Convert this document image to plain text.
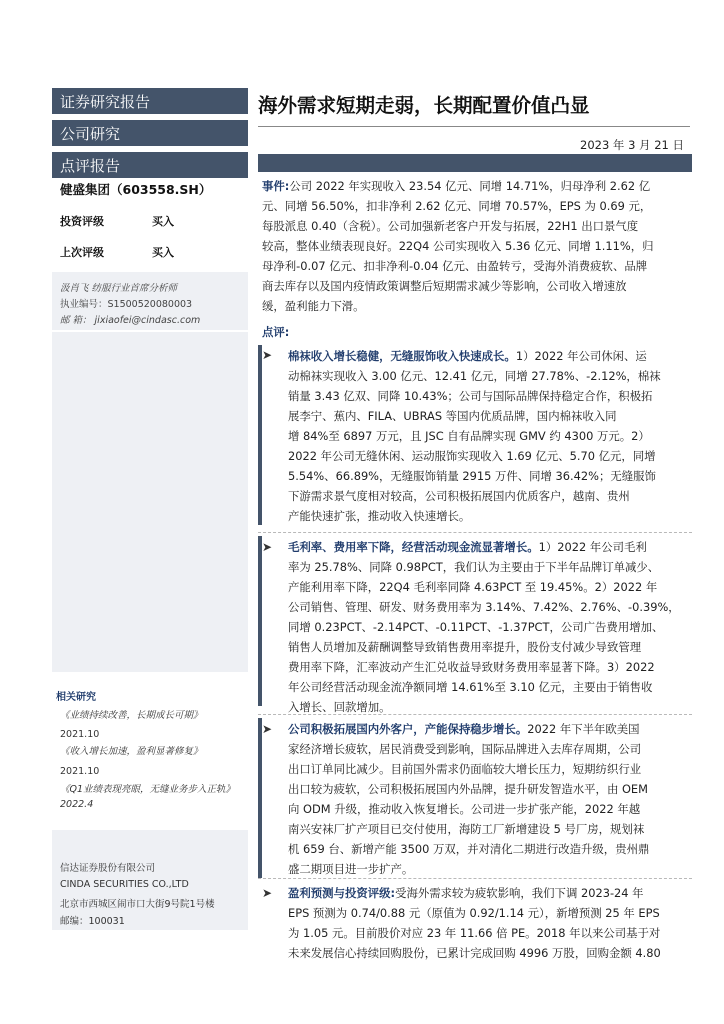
证券研究报告
公司研究
点评报告
健盛集团（603558.SH）
投资评级	买入
上次评级	买入
汲肖飞 纺服行业首席分析师
执业编号：S1500520080003
邮 箱： jixiaofei@cindasc.com
相关研究
《业绩持续改善，长期成长可期》
2021.10
《收入增长加速，盈利显著修复》
2021.10
《Q1业绩表现亮眼，无缝业务步入正轨》2022.4
信达证券股份有限公司
CINDA SECURITIES CO.,LTD
北京市西城区闹市口大街9号院1号楼
邮编：100031
海外需求短期走弱，长期配置价值凸显
2023 年 3 月 21 日
事件:公司 2022 年实现收入 23.54 亿元、同增 14.71%，归母净利 2.62 亿
元、同增 56.50%，扣非净利 2.62 亿元、同增 70.57%，EPS 为 0.69 元，
每股派息 0.40（含税）。公司加强新老客户开发与拓展，22H1 出口景气度
较高，整体业绩表现良好。22Q4 公司实现收入 5.36 亿元、同增 1.11%，归
母净利-0.07 亿元、扣非净利-0.04 亿元、由盈转亏，受海外消费疲软、品牌
商去库存以及国内疫情政策调整后短期需求减少等影响，公司收入增速放
缓，盈利能力下滑。
点评:
➤ 棉袜收入增长稳健，无缝服饰收入快速成长。1）2022 年公司休闲、运
动棉袜实现收入 3.00 亿元、12.41 亿元，同增 27.78%、-2.12%，棉袜
销量 3.43 亿双、同降 10.43%；公司与国际品牌保持稳定合作，积极拓
展李宁、蕉内、FILA、UBRAS 等国内优质品牌，国内棉袜收入同
增 84%至 6897 万元，且 JSC 自有品牌实现 GMV 约 4300 万元。2）
2022 年公司无缝休闲、运动服饰实现收入 1.69 亿元、5.70 亿元，同增
5.54%、66.89%，无缝服饰销量 2915 万件、同增 36.42%；无缝服饰
下游需求景气度相对较高，公司积极拓展国内优质客户，越南、贵州
产能快速扩张，推动收入快速增长。
➤ 毛利率、费用率下降，经营活动现金流显著增长。1）2022 年公司毛利
率为 25.78%、同降 0.98PCT，我们认为主要由于下半年品牌订单减少、
产能利用率下降，22Q4 毛利率同降 4.63PCT 至 19.45%。2）2022 年
公司销售、管理、研发、财务费用率为 3.14%、7.42%、2.76%、-0.39%，
同增 0.23PCT、-2.14PCT、-0.11PCT、-1.37PCT，公司广告费用增加、
销售人员增加及薪酬调整导致销售费用率提升，股份支付减少导致管理
费用率下降，汇率波动产生汇兑收益导致财务费用率显著下降。3）2022
年公司经营活动现金流净额同增 14.61%至 3.10 亿元，主要由于销售收
入增长、回款增加。
➤ 公司积极拓展国内外客户，产能保持稳步增长。2022 年下半年欧美国
家经济增长疲软，居民消费受到影响，国际品牌进入去库存周期，公司
出口订单同比减少。目前国外需求仍面临较大增长压力，短期纺织行业
出口较为疲软，公司积极拓展国内外品牌，提升研发智造水平，由 OEM
向 ODM 升级，推动收入恢复增长。公司进一步扩张产能，2022 年越
南兴安袜厂扩产项目已交付使用，海防工厂新增建设 5 号厂房，规划袜
机 659 台、新增产能 3500 万双，并对清化二期进行改造升级，贵州鼎
盛二期项目进一步扩产。
➤ 盈利预测与投资评级:受海外需求较为疲软影响，我们下调 2023-24 年
EPS 预测为 0.74/0.88 元（原值为 0.92/1.14 元），新增预测 25 年 EPS
为 1.05 元。目前股价对应 23 年 11.66 倍 PE。2018 年以来公司基于对
未来发展信心持续回购股份，已累计完成回购 4996 万股，回购金额 4.80
